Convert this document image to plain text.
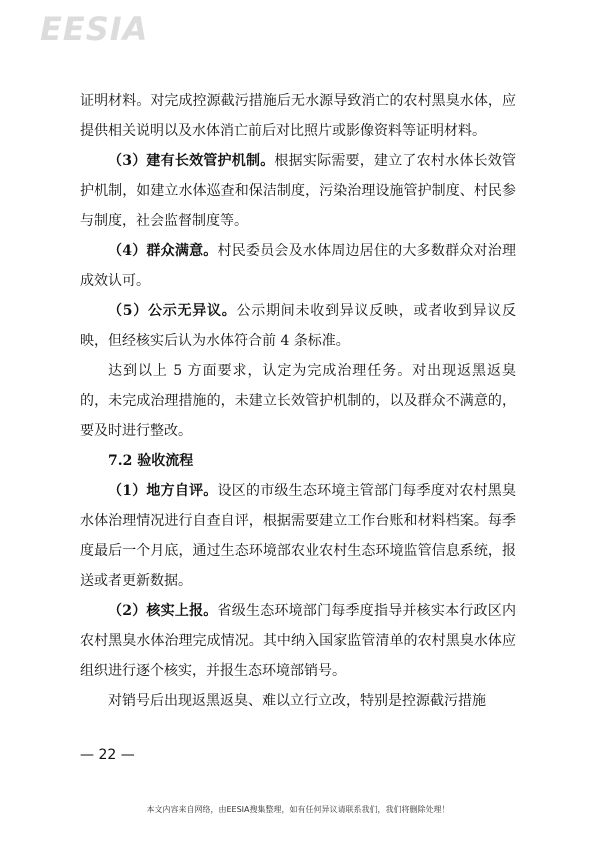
EESIA

证明材料。对完成控源截污措施后无水源导致消亡的农村黑臭水体，应提供相关说明以及水体消亡前后对比照片或影像资料等证明材料。

（3）建有长效管护机制。根据实际需要，建立了农村水体长效管护机制，如建立水体巡查和保洁制度，污染治理设施管护制度、村民参与制度，社会监督制度等。

（4）群众满意。村民委员会及水体周边居住的大多数群众对治理成效认可。

（5）公示无异议。公示期间未收到异议反映，或者收到异议反映，但经核实后认为水体符合前 4 条标准。

达到以上 5 方面要求，认定为完成治理任务。对出现返黑返臭的，未完成治理措施的，未建立长效管护机制的，以及群众不满意的，要及时进行整改。

7.2 验收流程

（1）地方自评。设区的市级生态环境主管部门每季度对农村黑臭水体治理情况进行自查自评，根据需要建立工作台账和材料档案。每季度最后一个月底，通过生态环境部农业农村生态环境监管信息系统，报送或者更新数据。

（2）核实上报。省级生态环境部门每季度指导并核实本行政区内农村黑臭水体治理完成情况。其中纳入国家监管清单的农村黑臭水体应组织进行逐个核实，并报生态环境部销号。

对销号后出现返黑返臭、难以立行立改，特别是控源截污措施

— 22 —
本文内容来自网络，由EESIA搜集整理，如有任何异议请联系我们，我们将删除处理！
